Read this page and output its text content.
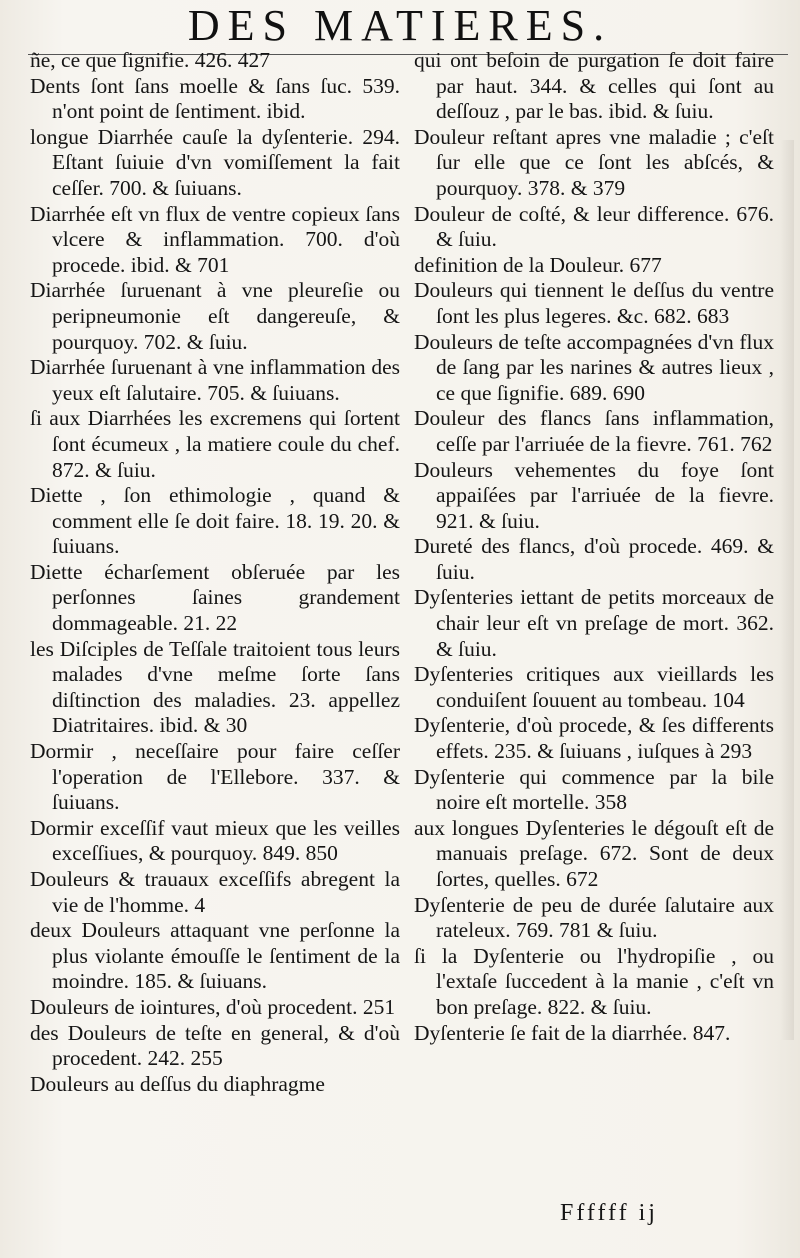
DES MATIERES.

ñe, ce que ſignifie. 426. 427

Dents ſont ſans moelle & ſans ſuc. 539. n'ont point de ſentiment. ibid.

longue Diarrhée cauſe la dyſenterie. 294. Eſtant ſuiuie d'vn vomiſſement la fait ceſſer. 700. & ſuiuans.

Diarrhée eſt vn flux de ventre copieux ſans vlcere & inflammation. 700. d'où procede. ibid. & 701

Diarrhée ſuruenant à vne pleureſie ou peripneumonie eſt dangereuſe, & pourquoy. 702. & ſuiu.

Diarrhée ſuruenant à vne inflammation des yeux eſt ſalutaire. 705. & ſuiuans.

ſi aux Diarrhées les excremens qui ſortent ſont écumeux , la matiere coule du chef. 872. & ſuiu.

Diette , ſon ethimologie , quand & comment elle ſe doit faire. 18. 19. 20. & ſuiuans.

Diette écharſement obſeruée par les perſonnes ſaines grandement dommageable. 21. 22

les Diſciples de Teſſale traitoient tous leurs malades d'vne meſme ſorte ſans diſtinction des maladies. 23. appellez Diatritaires. ibid. & 30

Dormir , neceſſaire pour faire ceſſer l'operation de l'Ellebore. 337. & ſuiuans.

Dormir exceſſif vaut mieux que les veilles exceſſiues, & pourquoy. 849. 850

Douleurs & trauaux exceſſifs abregent la vie de l'homme. 4

deux Douleurs attaquant vne perſonne la plus violante émouſſe le ſentiment de la moindre. 185. & ſuiuans.

Douleurs de iointures, d'où procedent. 251

des Douleurs de teſte en general, & d'où procedent. 242. 255

Douleurs au deſſus du diaphragme

qui ont beſoin de purgation ſe doit faire par haut. 344. & celles qui ſont au deſſouz , par le bas. ibid. & ſuiu.

Douleur reſtant apres vne maladie ; c'eſt ſur elle que ce ſont les abſcés, & pourquoy. 378. & 379

Douleur de coſté, & leur difference. 676. & ſuiu.

definition de la Douleur. 677

Douleurs qui tiennent le deſſus du ventre ſont les plus legeres. &c. 682. 683

Douleurs de teſte accompagnées d'vn flux de ſang par les narines & autres lieux , ce que ſignifie. 689. 690

Douleur des flancs ſans inflammation, ceſſe par l'arriuée de la fievre. 761. 762

Douleurs vehementes du foye ſont appaiſées par l'arriuée de la fievre. 921. & ſuiu.

Dureté des flancs, d'où procede. 469. & ſuiu.

Dyſenteries iettant de petits morceaux de chair leur eſt vn preſage de mort. 362. & ſuiu.

Dyſenteries critiques aux vieillards les conduiſent ſouuent au tombeau. 104

Dyſenterie, d'où procede, & ſes differents effets. 235. & ſuiuans , iuſques à 293

Dyſenterie qui commence par la bile noire eſt mortelle. 358

aux longues Dyſenteries le dégouſt eſt de manuais preſage. 672. Sont de deux ſortes, quelles. 672

Dyſenterie de peu de durée ſalutaire aux rateleux. 769. 781 & ſuiu.

ſi la Dyſenterie ou l'hydropiſie , ou l'extaſe ſuccedent à la manie , c'eſt vn bon preſage. 822. & ſuiu.

Dyſenterie ſe fait de la diarrhée. 847.

Ffffff ij
